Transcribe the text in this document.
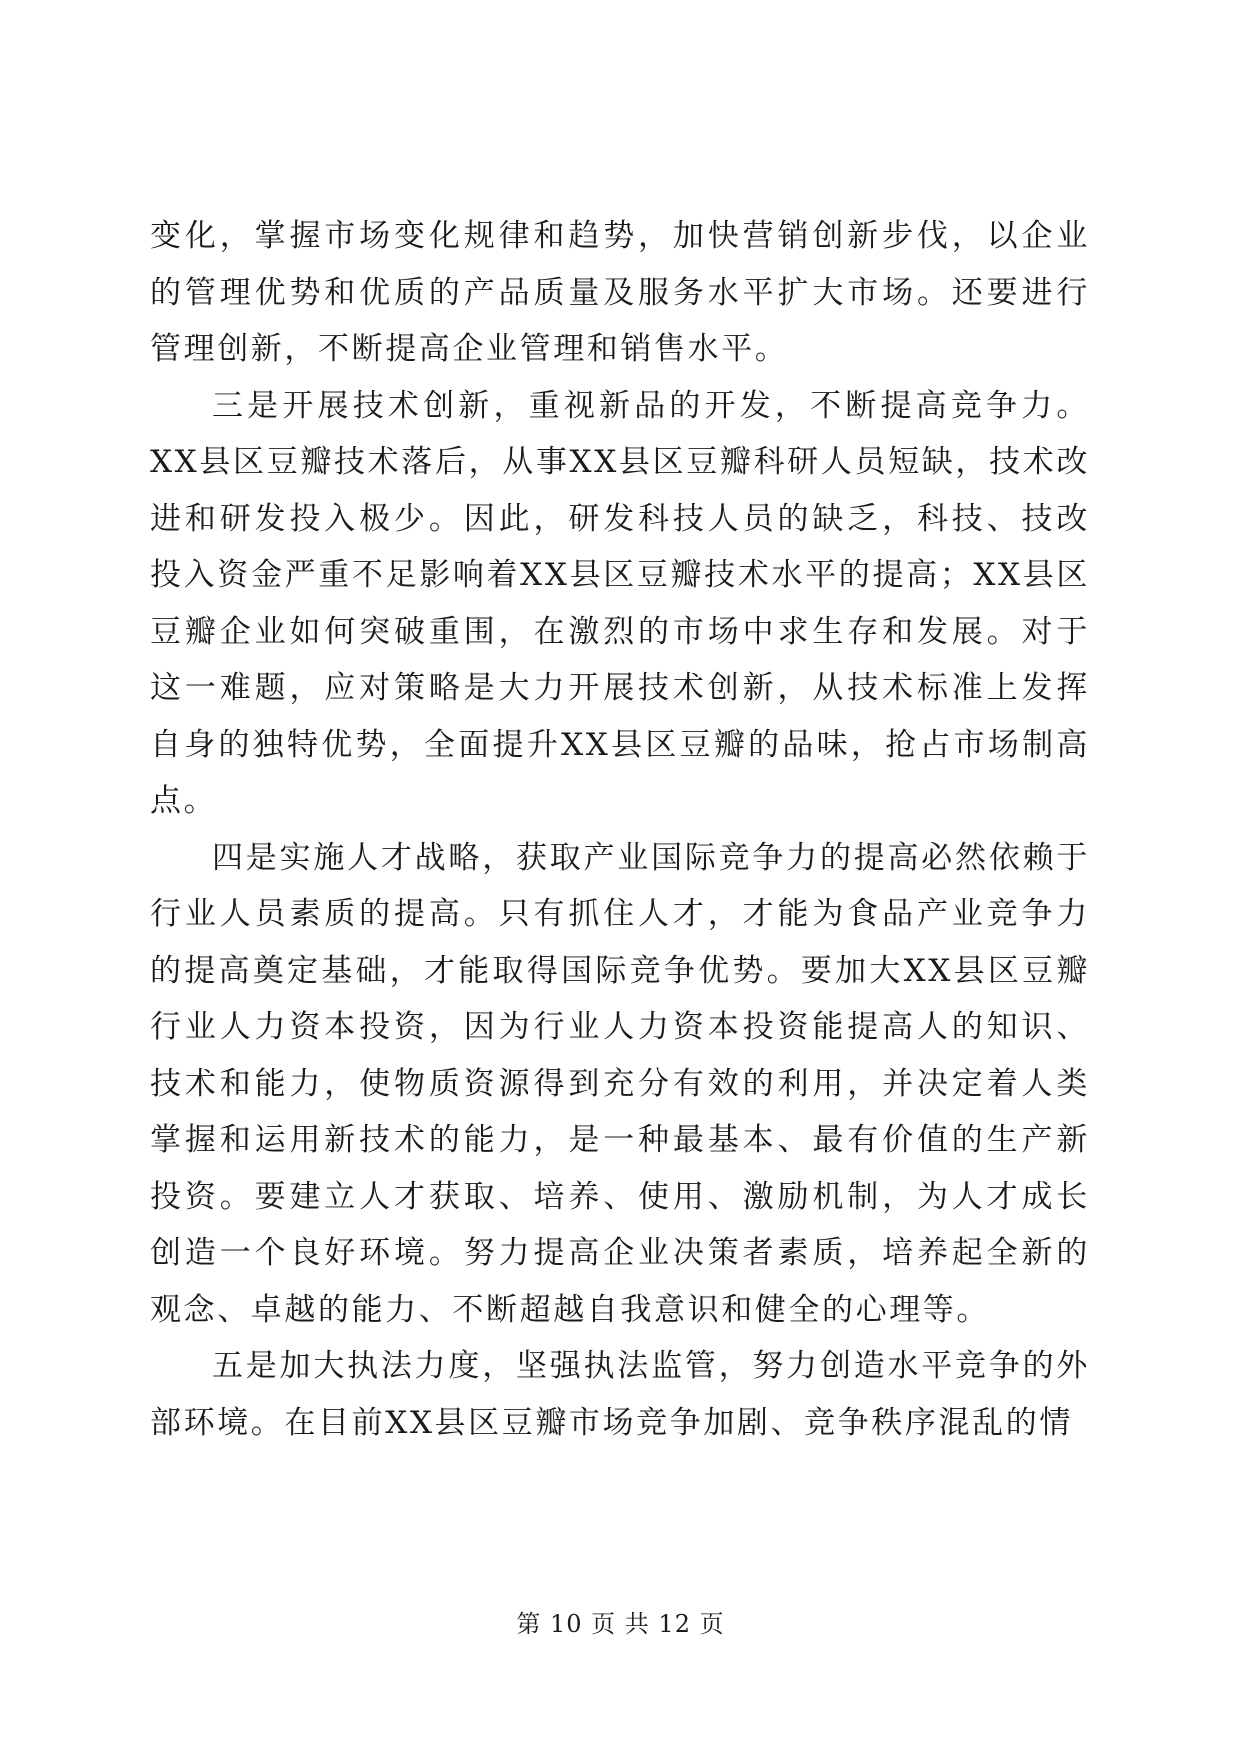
变化，掌握市场变化规律和趋势，加快营销创新步伐，以企业的管理优势和优质的产品质量及服务水平扩大市场。还要进行管理创新，不断提高企业管理和销售水平。

三是开展技术创新，重视新品的开发，不断提高竞争力。XX县区豆瓣技术落后，从事XX县区豆瓣科研人员短缺，技术改进和研发投入极少。因此，研发科技人员的缺乏，科技、技改投入资金严重不足影响着XX县区豆瓣技术水平的提高；XX县区豆瓣企业如何突破重围，在激烈的市场中求生存和发展。对于这一难题，应对策略是大力开展技术创新，从技术标准上发挥自身的独特优势，全面提升XX县区豆瓣的品味，抢占市场制高点。

四是实施人才战略，获取产业国际竞争力的提高必然依赖于行业人员素质的提高。只有抓住人才，才能为食品产业竞争力的提高奠定基础，才能取得国际竞争优势。要加大XX县区豆瓣行业人力资本投资，因为行业人力资本投资能提高人的知识、技术和能力，使物质资源得到充分有效的利用，并决定着人类掌握和运用新技术的能力，是一种最基本、最有价值的生产新投资。要建立人才获取、培养、使用、激励机制，为人才成长创造一个良好环境。努力提高企业决策者素质，培养起全新的观念、卓越的能力、不断超越自我意识和健全的心理等。

五是加大执法力度，坚强执法监管，努力创造水平竞争的外部环境。在目前XX县区豆瓣市场竞争加剧、竞争秩序混乱的情

第 10 页 共 12 页
